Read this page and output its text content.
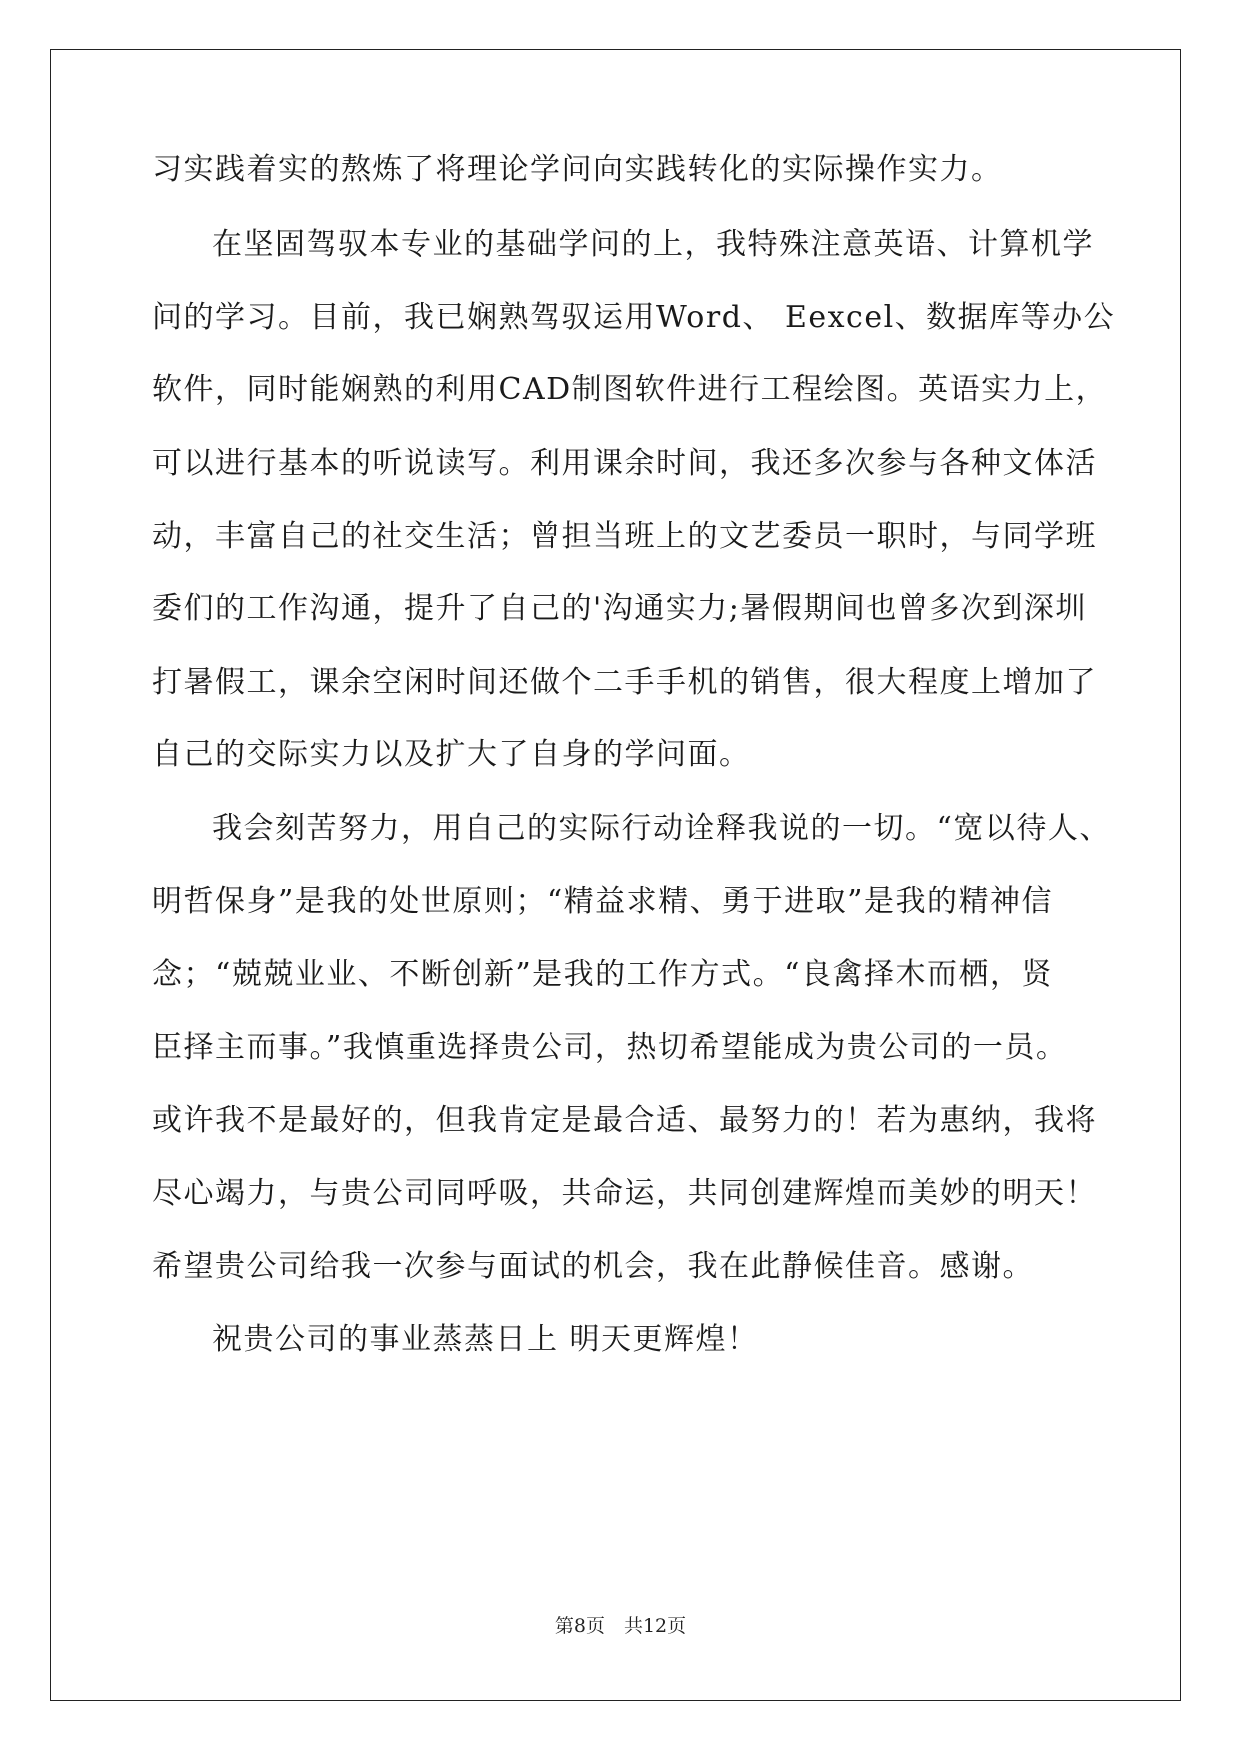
习实践着实的熬炼了将理论学问向实践转化的实际操作实力。
在坚固驾驭本专业的基础学问的上，我特殊注意英语、计算机学
问的学习。目前，我已娴熟驾驭运用Word、 Eexcel、数据库等办公
软件，同时能娴熟的利用CAD制图软件进行工程绘图。英语实力上，
可以进行基本的听说读写。利用课余时间，我还多次参与各种文体活
动，丰富自己的社交生活；曾担当班上的文艺委员一职时，与同学班
委们的工作沟通，提升了自己的'沟通实力;暑假期间也曾多次到深圳
打暑假工，课余空闲时间还做个二手手机的销售，很大程度上增加了
自己的交际实力以及扩大了自身的学问面。
我会刻苦努力，用自己的实际行动诠释我说的一切。“宽以待人、
明哲保身”是我的处世原则；“精益求精、勇于进取”是我的精神信
念；“兢兢业业、不断创新”是我的工作方式。“良禽择木而栖，贤
臣择主而事。”我慎重选择贵公司，热切希望能成为贵公司的一员。
或许我不是最好的，但我肯定是最合适、最努力的！若为惠纳，我将
尽心竭力，与贵公司同呼吸，共命运，共同创建辉煌而美妙的明天！
希望贵公司给我一次参与面试的机会，我在此静候佳音。感谢。
祝贵公司的事业蒸蒸日上 明天更辉煌！
第8页　共12页
